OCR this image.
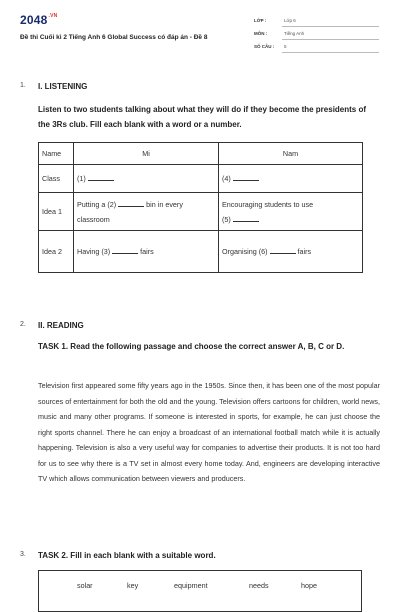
$2048^{.VN}$
Đề thi Cuối kì 2 Tiếng Anh 6 Global Success có đáp án - Đề 8
LỚP :	Lớp 6
MÔN :	Tiếng Anh
SỐ CÂU : 5
1. I. LISTENING
Listen to two students talking about what they will do if they become the presidents of the 3Rs club. Fill each blank with a word or a number.
Name	Mi	Nam
Class	(1)	(4)
Idea 1	Putting a (2) bin in every classroom	Encouraging students to use
(5)
Idea 2	Having (3) fairs	Organising (6) fairs
2. II. READING
TASK 1. Read the following passage and choose the correct answer A, B, C or D.
Television first appeared some fifty years ago in the 1950s. Since then, it has been one of the most popular sources of entertainment for both the old and the young. Television offers cartoons for children, world news, music and many other programs. If someone is interested in sports, for example, he can just choose the right sports channel. There he can enjoy a broadcast of an international football match while it is actually happening. Television is also a very useful way for companies to advertise their products. It is not too hard for us to see why there is a TV set in almost every home today. And, engineers are developing interactive TV which allows communication between viewers and producers.
3. TASK 2. Fill in each blank with a suitable word.
solar	key	equipment	needs	hope
